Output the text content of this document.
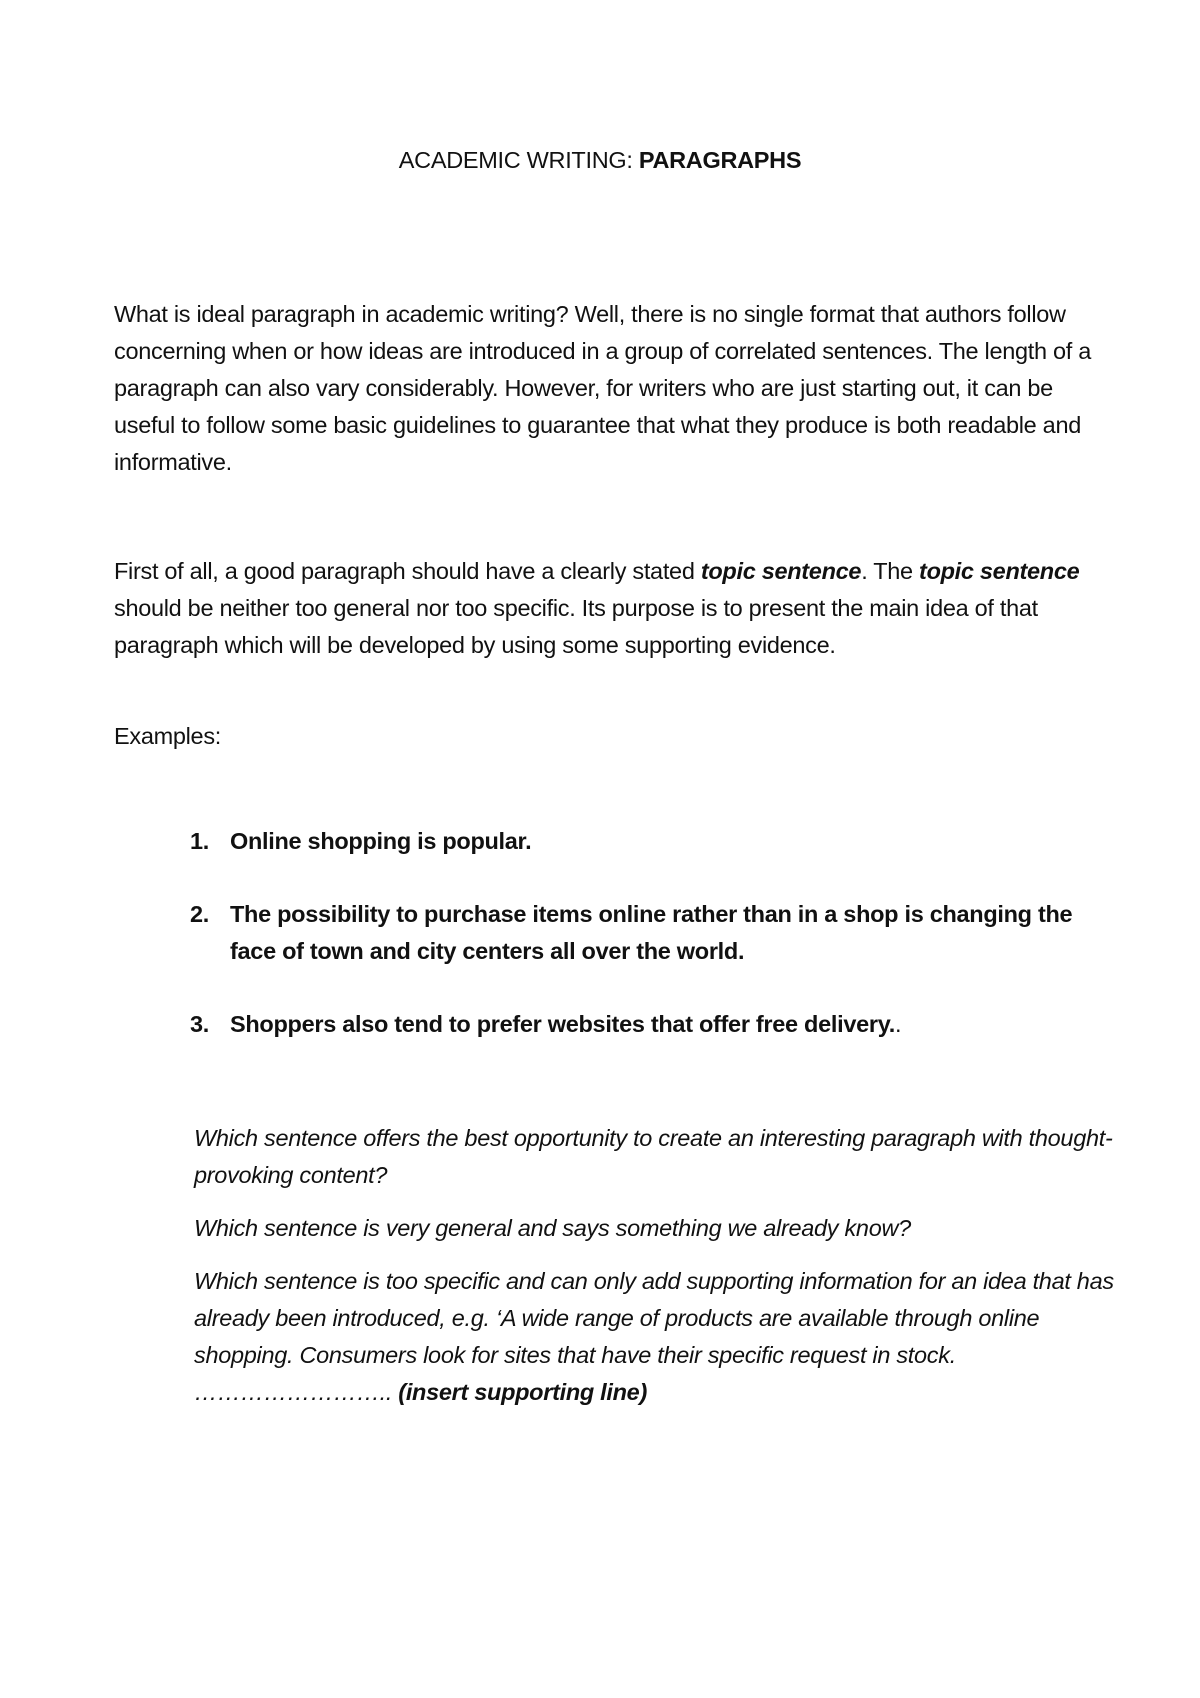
ACADEMIC WRITING: PARAGRAPHS

What is ideal paragraph in academic writing? Well, there is no single format that authors follow concerning when or how ideas are introduced in a group of correlated sentences. The length of a paragraph can also vary considerably. However, for writers who are just starting out, it can be useful to follow some basic guidelines to guarantee that what they produce is both readable and informative.

First of all, a good paragraph should have a clearly stated topic sentence. The topic sentence should be neither too general nor too specific. Its purpose is to present the main idea of that paragraph which will be developed by using some supporting evidence.

Examples:

1. Online shopping is popular.
2. The possibility to purchase items online rather than in a shop is changing the face of town and city centers all over the world.
3. Shoppers also tend to prefer websites that offer free delivery..

Which sentence offers the best opportunity to create an interesting paragraph with thought-provoking content?

Which sentence is very general and says something we already know?

Which sentence is too specific and can only add supporting information for an idea that has already been introduced, e.g. ‘A wide range of products are available through online shopping. Consumers look for sites that have their specific request in stock. …………………….. (insert supporting line)
